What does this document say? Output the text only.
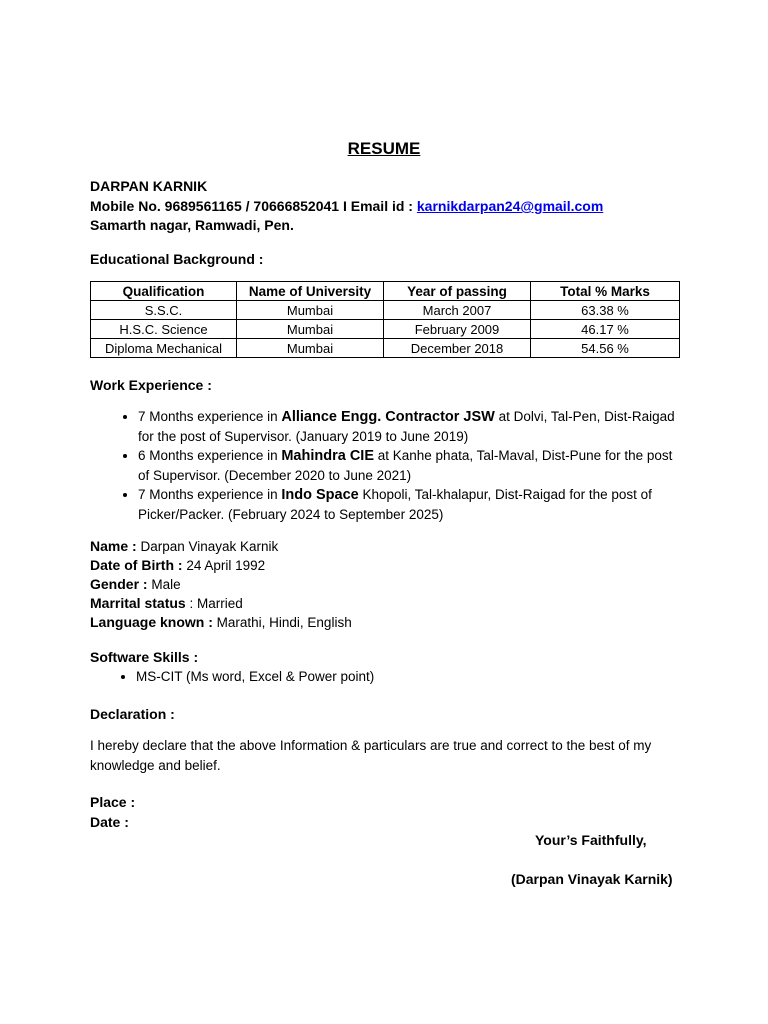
RESUME
DARPAN KARNIK
Mobile No. 9689561165 / 70666852041 I Email id : karnikdarpan24@gmail.com
Samarth nagar, Ramwadi, Pen.
Educational Background :
Qualification	Name of University	Year of passing	Total % Marks
S.S.C.	Mumbai	March 2007	63.38 %
H.S.C. Science	Mumbai	February 2009	46.17 %
Diploma Mechanical	Mumbai	December 2018	54.56 %
Work Experience :
• 7 Months experience in Alliance Engg. Contractor JSW at Dolvi, Tal-Pen, Dist-Raigad for the post of Supervisor. (January 2019 to June 2019)
• 6 Months experience in Mahindra CIE at Kanhe phata, Tal-Maval, Dist-Pune for the post of Supervisor. (December 2020 to June 2021)
• 7 Months experience in Indo Space Khopoli, Tal-khalapur, Dist-Raigad for the post of Picker/Packer. (February 2024 to September 2025)
Name : Darpan Vinayak Karnik
Date of Birth : 24 April 1992
Gender : Male
Marrital status : Married
Language known : Marathi, Hindi, English
Software Skills :
• MS-CIT (Ms word, Excel & Power point)
Declaration :

I hereby declare that the above Information & particulars are true and correct to the best of my knowledge and belief.

Place :
Date :
Your’s Faithfully,
(Darpan Vinayak Karnik)
